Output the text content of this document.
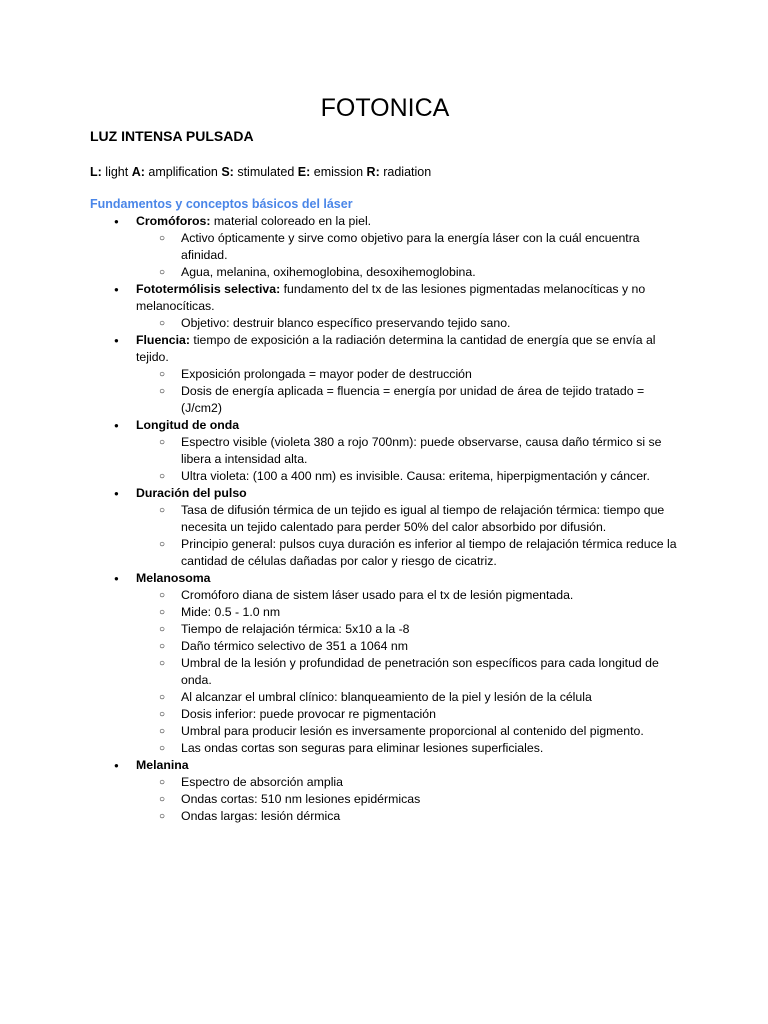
FOTONICA
LUZ INTENSA PULSADA
L: light A: amplification S: stimulated E: emission R: radiation
Fundamentos y conceptos básicos del láser
● Cromóforos: material coloreado en la piel.
○ Activo ópticamente y sirve como objetivo para la energía láser con la cuál encuentra afinidad.
○ Agua, melanina, oxihemoglobina, desoxihemoglobina.
● Fototermólisis selectiva: fundamento del tx de las lesiones pigmentadas melanocíticas y no melanocíticas.
○ Objetivo: destruir blanco específico preservando tejido sano.
● Fluencia: tiempo de exposición a la radiación determina la cantidad de energía que se envía al tejido.
○ Exposición prolongada = mayor poder de destrucción
○ Dosis de energía aplicada = fluencia = energía por unidad de área de tejido tratado = (J/cm2)
● Longitud de onda
○ Espectro visible (violeta 380 a rojo 700nm): puede observarse, causa daño térmico si se libera a intensidad alta.
○ Ultra violeta: (100 a 400 nm) es invisible. Causa: eritema, hiperpigmentación y cáncer.
● Duración del pulso
○ Tasa de difusión térmica de un tejido es igual al tiempo de relajación térmica: tiempo que necesita un tejido calentado para perder 50% del calor absorbido por difusión.
○ Principio general: pulsos cuya duración es inferior al tiempo de relajación térmica reduce la cantidad de células dañadas por calor y riesgo de cicatriz.
● Melanosoma
○ Cromóforo diana de sistem láser usado para el tx de lesión pigmentada.
○ Mide: 0.5 - 1.0 nm
○ Tiempo de relajación térmica: 5x10 a la -8
○ Daño térmico selectivo de 351 a 1064 nm
○ Umbral de la lesión y profundidad de penetración son específicos para cada longitud de onda.
○ Al alcanzar el umbral clínico: blanqueamiento de la piel y lesión de la célula
○ Dosis inferior: puede provocar re pigmentación
○ Umbral para producir lesión es inversamente proporcional al contenido del pigmento.
○ Las ondas cortas son seguras para eliminar lesiones superficiales.
● Melanina
○ Espectro de absorción amplia
○ Ondas cortas: 510 nm lesiones epidérmicas
○ Ondas largas: lesión dérmica
